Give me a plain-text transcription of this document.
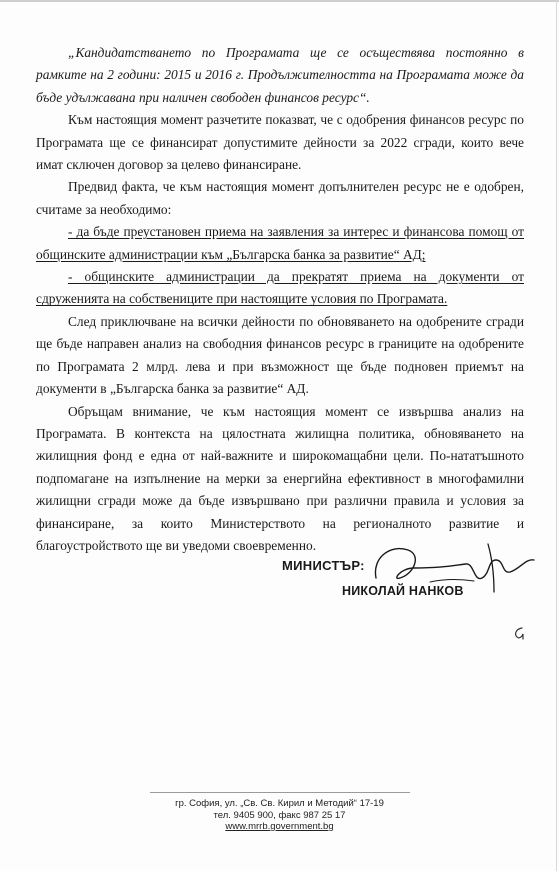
„Кандидатстването по Програмата ще се осъществява постоянно в рамките на 2 години: 2015 и 2016 г. Продължителността на Програмата може да бъде удължавана при наличен свободен финансов ресурс“.

Към настоящия момент разчетите показват, че с одобрения финансов ресурс по Програмата ще се финансират допустимите дейности за 2022 сгради, които вече имат сключен договор за целево финансиране.

Предвид факта, че към настоящия момент допълнителен ресурс не е одобрен, считаме за необходимо:

- да бъде преустановен приема на заявления за интерес и финансова помощ от общинските администрации към „Българска банка за развитие“ АД;

- общинските администрации да прекратят приема на документи от сдруженията на собствениците при настоящите условия по Програмата.

След приключване на всички дейности по обновяването на одобрените сгради ще бъде направен анализ на свободния финансов ресурс в границите на одобрените по Програмата 2 млрд. лева и при възможност ще бъде подновен приемът на документи в „Българска банка за развитие“ АД.

Обръщам внимание, че към настоящия момент се извършва анализ на Програмата. В контекста на цялостната жилищна политика, обновяването на жилищния фонд е една от най-важните и широкомащабни цели. По-нататъшното подпомагане на изпълнение на мерки за енергийна ефективност в многофамилни жилищни сгради може да бъде извършвано при различни правила и условия за финансиране, за които Министерството на регионалното развитие и благоустройството ще ви уведоми своевременно.

МИНИСТЪР:
НИКОЛАЙ НАНКОВ
гр. София, ул. „Св. Св. Кирил и Методий“ 17-19
тел. 9405 900, факс 987 25 17
www.mrrb.government.bg
